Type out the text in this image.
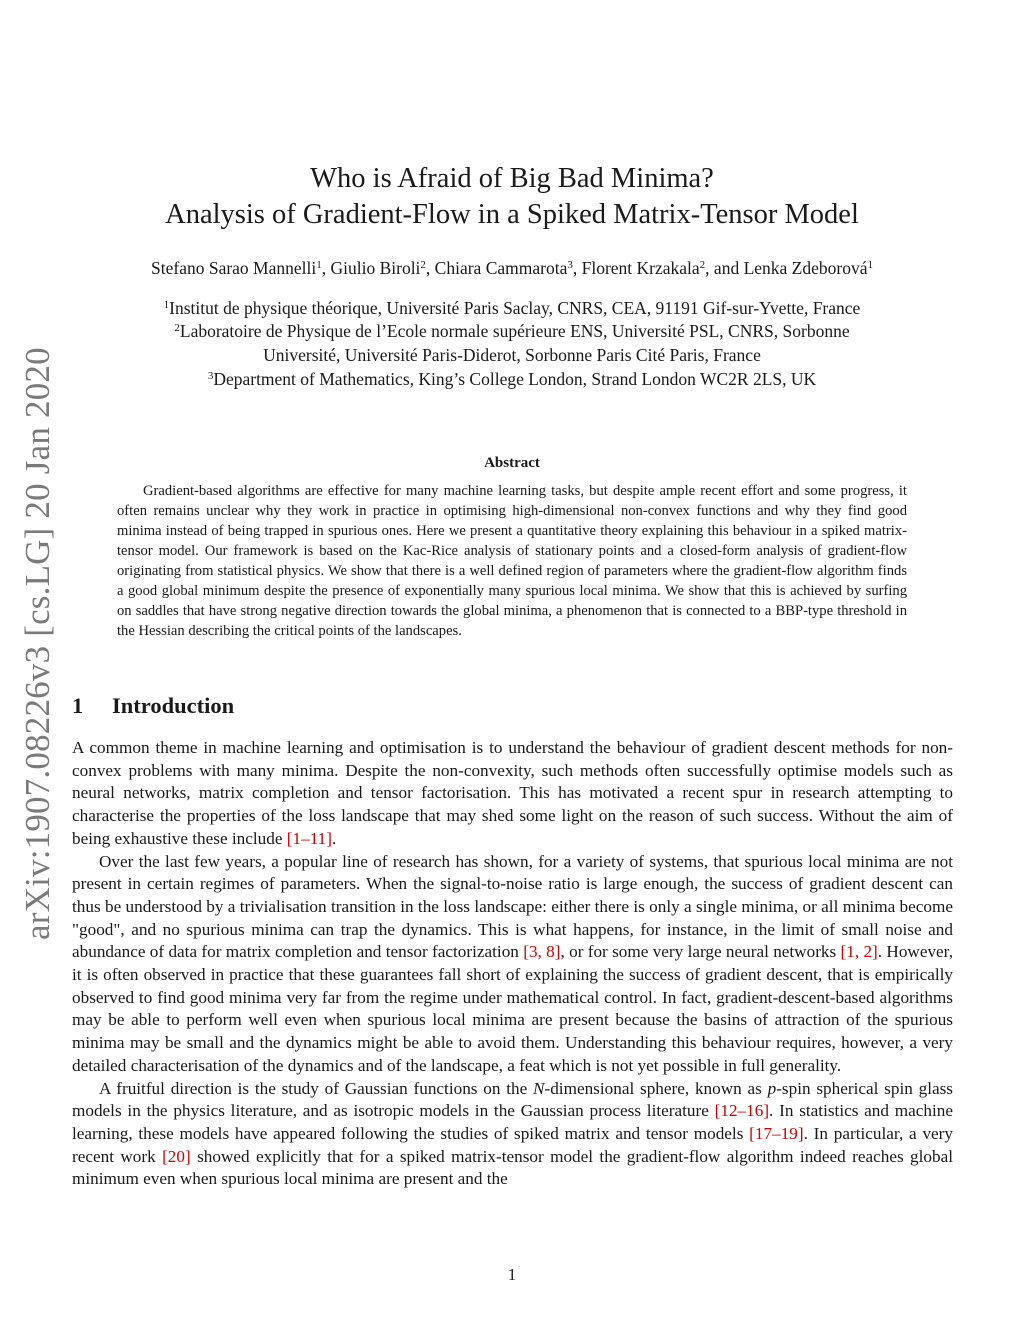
arXiv:1907.08226v3 [cs.LG] 20 Jan 2020
Who is Afraid of Big Bad Minima?
Analysis of Gradient-Flow in a Spiked Matrix-Tensor Model
Stefano Sarao Mannelli$^1$, Giulio Biroli$^2$, Chiara Cammarota$^3$, Florent Krzakala$^2$, and Lenka Zdeborová$^1$
$^1$Institut de physique théorique, Université Paris Saclay, CNRS, CEA, 91191 Gif-sur-Yvette, France
$^2$Laboratoire de Physique de l’Ecole normale supérieure ENS, Université PSL, CNRS, Sorbonne
Université, Université Paris-Diderot, Sorbonne Paris Cité Paris, France
$^3$Department of Mathematics, King’s College London, Strand London WC2R 2LS, UK
Abstract
Gradient-based algorithms are effective for many machine learning tasks, but despite ample recent effort and some progress, it often remains unclear why they work in practice in optimising high-dimensional non-convex functions and why they find good minima instead of being trapped in spurious ones. Here we present a quantitative theory explaining this behaviour in a spiked matrix-tensor model. Our framework is based on the Kac-Rice analysis of stationary points and a closed-form analysis of gradient-flow originating from statistical physics. We show that there is a well defined region of parameters where the gradient-flow algorithm finds a good global minimum despite the presence of exponentially many spurious local minima. We show that this is achieved by surfing on saddles that have strong negative direction towards the global minima, a phenomenon that is connected to a BBP-type threshold in the Hessian describing the critical points of the landscapes.
1 Introduction

A common theme in machine learning and optimisation is to understand the behaviour of gradient descent methods for non-convex problems with many minima. Despite the non-convexity, such methods often successfully optimise models such as neural networks, matrix completion and tensor factorisation. This has motivated a recent spur in research attempting to characterise the properties of the loss landscape that may shed some light on the reason of such success. Without the aim of being exhaustive these include [1–11].

Over the last few years, a popular line of research has shown, for a variety of systems, that spurious local minima are not present in certain regimes of parameters. When the signal-to-noise ratio is large enough, the success of gradient descent can thus be understood by a trivialisation transition in the loss landscape: either there is only a single minima, or all minima become "good", and no spurious minima can trap the dynamics. This is what happens, for instance, in the limit of small noise and abundance of data for matrix completion and tensor factorization [3, 8], or for some very large neural networks [1, 2]. However, it is often observed in practice that these guarantees fall short of explaining the success of gradient descent, that is empirically observed to find good minima very far from the regime under mathematical control. In fact, gradient-descent-based algorithms may be able to perform well even when spurious local minima are present because the basins of attraction of the spurious minima may be small and the dynamics might be able to avoid them. Understanding this behaviour requires, however, a very detailed characterisation of the dynamics and of the landscape, a feat which is not yet possible in full generality.

A fruitful direction is the study of Gaussian functions on the N-dimensional sphere, known as p-spin spherical spin glass models in the physics literature, and as isotropic models in the Gaussian process literature [12–16]. In statistics and machine learning, these models have appeared following the studies of spiked matrix and tensor models [17–19]. In particular, a very recent work [20] showed explicitly that for a spiked matrix-tensor model the gradient-flow algorithm indeed reaches global minimum even when spurious local minima are present and the

1
